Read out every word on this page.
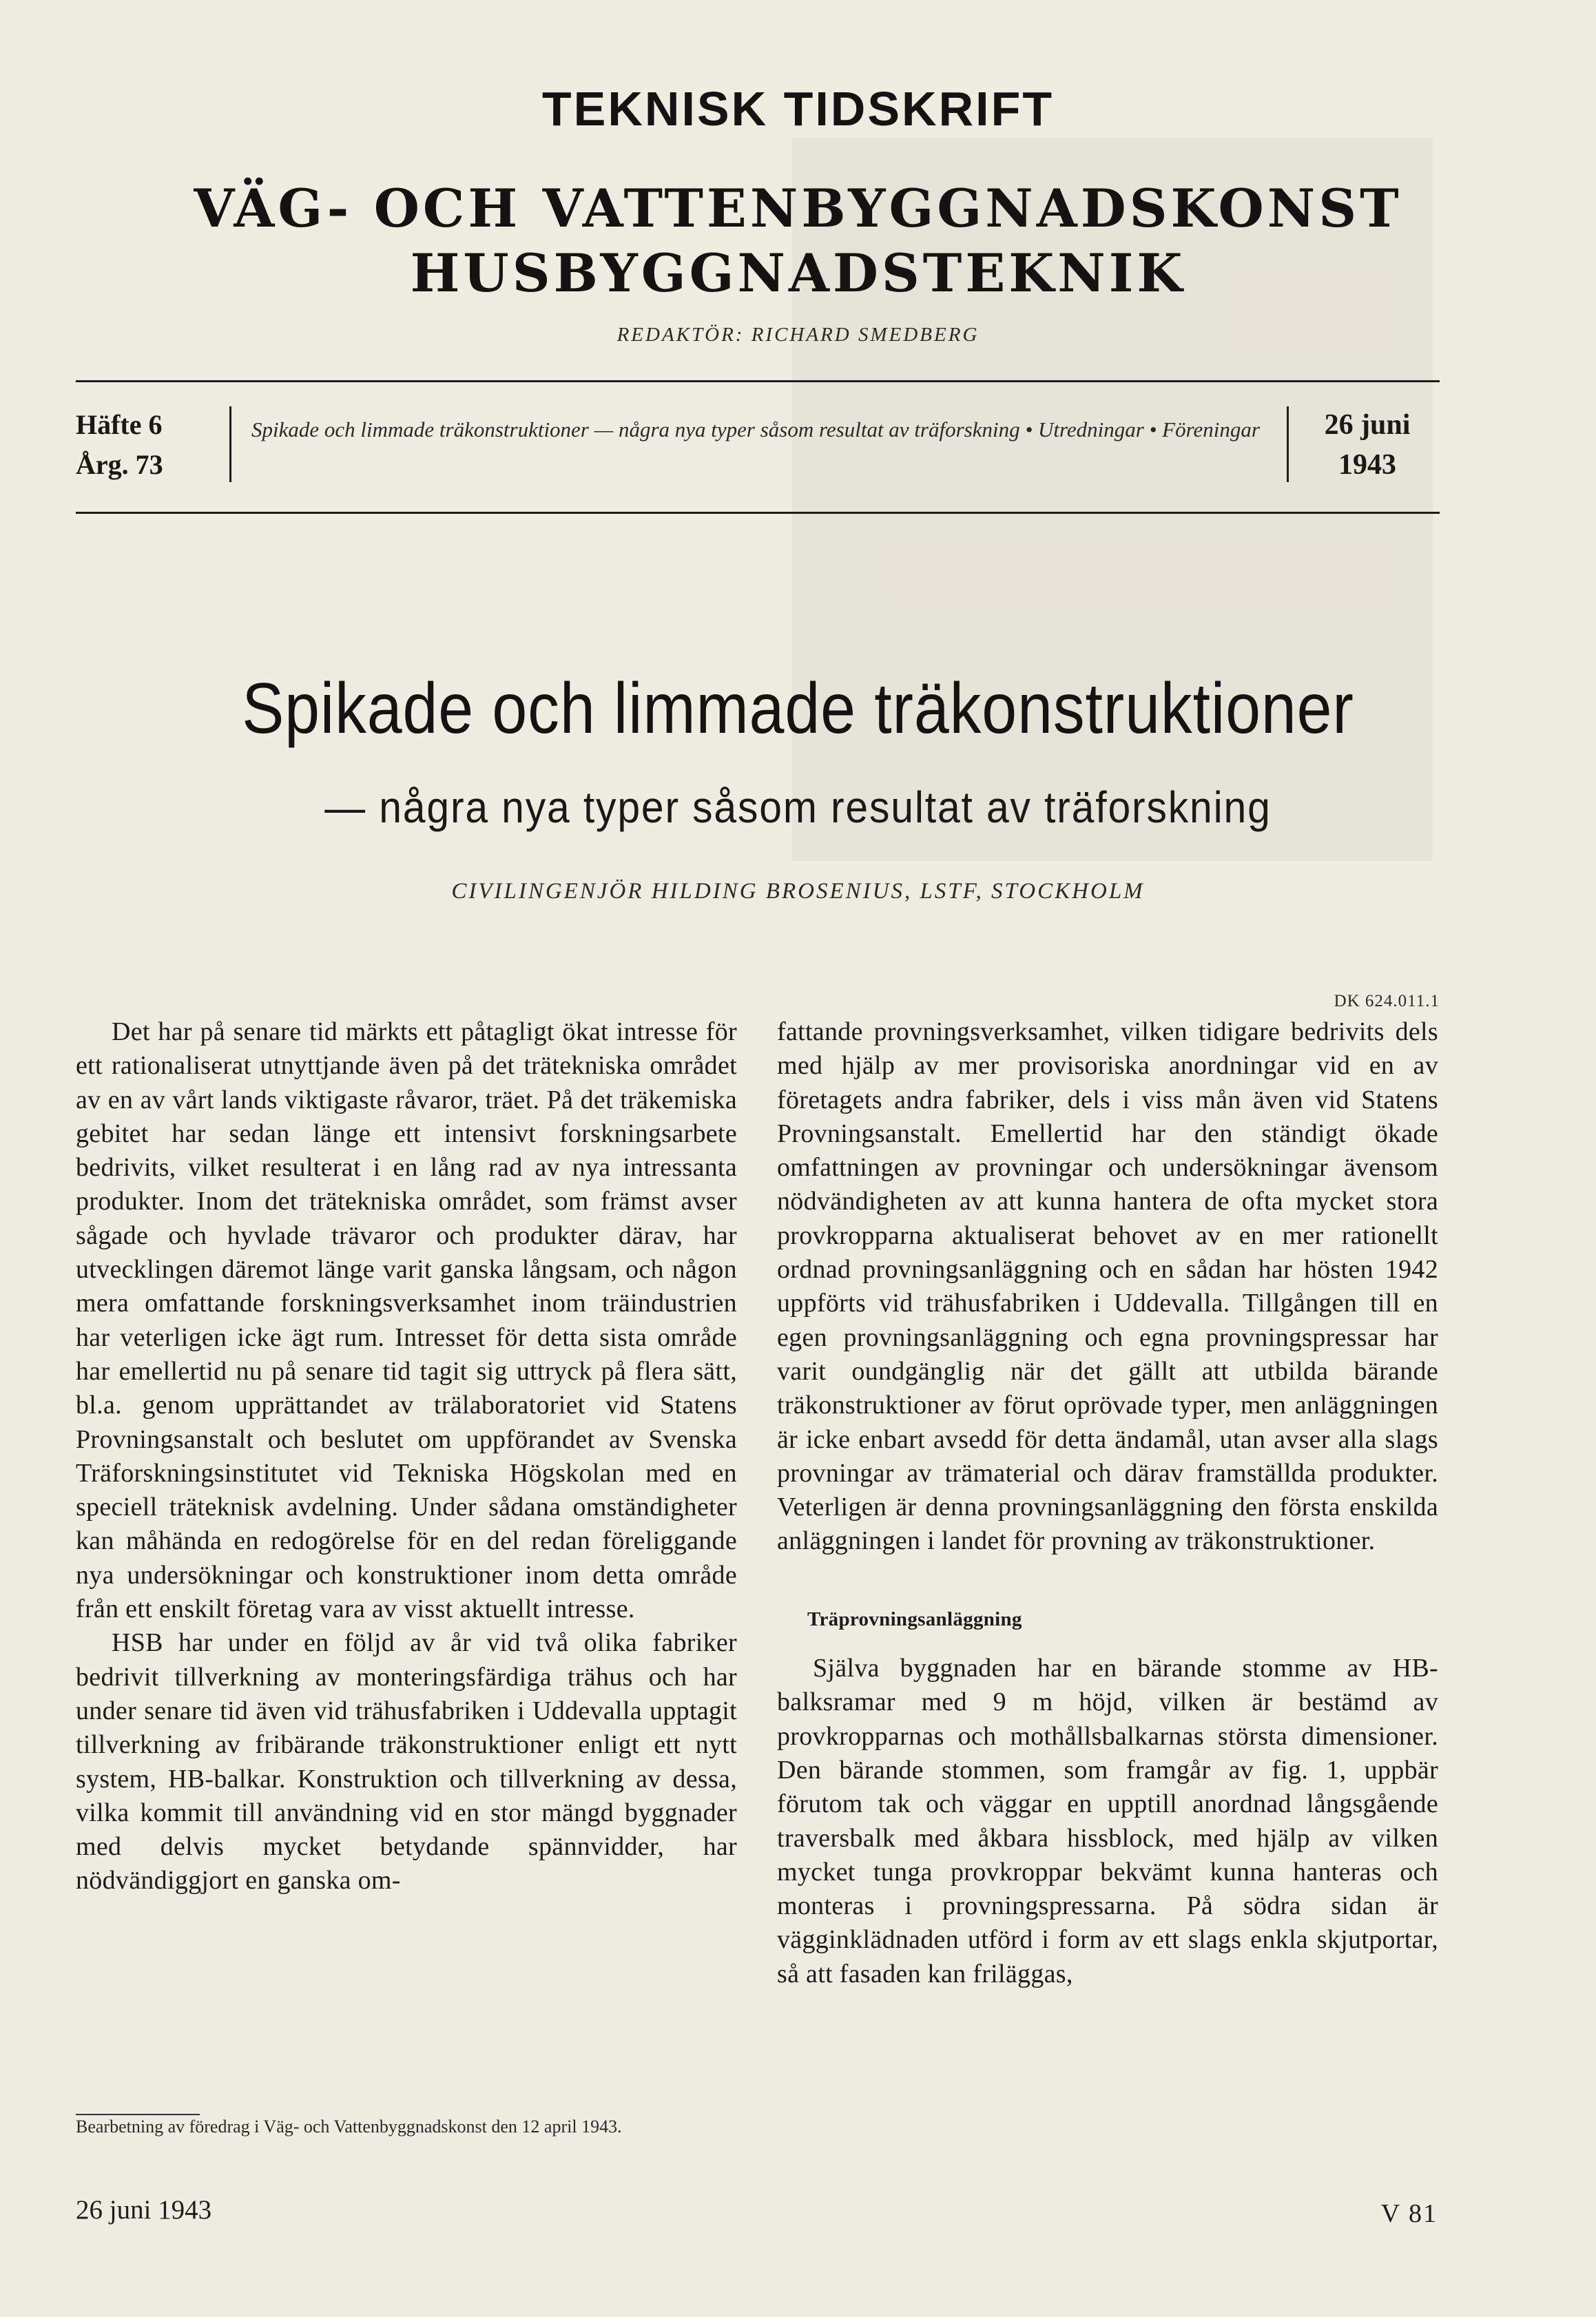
TEKNISK TIDSKRIFT
VÄG- OCH VATTENBYGGNADSKONST
HUSBYGGNADSTEKNIK
REDAKTÖR: RICHARD SMEDBERG
Häfte 6
Årg. 73
Spikade och limmade träkonstruktioner — några nya typer såsom resultat av träforskning • Utredningar • Föreningar	26 juni
1943
Spikade och limmade träkonstruktioner
— några nya typer såsom resultat av träforskning
CIVILINGENJÖR HILDING BROSENIUS, LSTF, STOCKHOLM
DK 624.011.1

Det har på senare tid märkts ett påtagligt ökat intresse för ett rationaliserat utnyttjande även på det trätekniska området av en av vårt lands viktigaste råvaror, träet. På det träkemiska gebitet har sedan länge ett intensivt forskningsarbete bedrivits, vilket resulterat i en lång rad av nya intressanta produkter. Inom det trätekniska området, som främst avser sågade och hyvlade trävaror och produkter därav, har utvecklingen däremot länge varit ganska långsam, och någon mera omfattande forskningsverksamhet inom träindustrien har veterligen icke ägt rum. Intresset för detta sista område har emellertid nu på senare tid tagit sig uttryck på flera sätt, bl.a. genom upprättandet av trälaboratoriet vid Statens Provningsanstalt och beslutet om uppförandet av Svenska Träforskningsinstitutet vid Tekniska Högskolan med en speciell träteknisk avdelning. Under sådana omständigheter kan måhända en redogörelse för en del redan föreliggande nya undersökningar och konstruktioner inom detta område från ett enskilt företag vara av visst aktuellt intresse.

HSB har under en följd av år vid två olika fabriker bedrivit tillverkning av monteringsfärdiga trähus och har under senare tid även vid trähusfabriken i Uddevalla upptagit tillverkning av fribärande träkonstruktioner enligt ett nytt system, HB-balkar. Konstruktion och tillverkning av dessa, vilka kommit till användning vid en stor mängd byggnader med delvis mycket betydande spännvidder, har nödvändiggjort en ganska om-

fattande provningsverksamhet, vilken tidigare bedrivits dels med hjälp av mer provisoriska anordningar vid en av företagets andra fabriker, dels i viss mån även vid Statens Provningsanstalt. Emellertid har den ständigt ökade omfattningen av provningar och undersökningar ävensom nödvändigheten av att kunna hantera de ofta mycket stora provkropparna aktualiserat behovet av en mer rationellt ordnad provningsanläggning och en sådan har hösten 1942 uppförts vid trähusfabriken i Uddevalla. Tillgången till en egen provningsanläggning och egna provningspressar har varit oundgänglig när det gällt att utbilda bärande träkonstruktioner av förut oprövade typer, men anläggningen är icke enbart avsedd för detta ändamål, utan avser alla slags provningar av trämaterial och därav framställda produkter. Veterligen är denna provningsanläggning den första enskilda anläggningen i landet för provning av träkonstruktioner.

Träprovningsanläggning

Själva byggnaden har en bärande stomme av HB-balksramar med 9 m höjd, vilken är bestämd av provkropparnas och mothållsbalkarnas största dimensioner. Den bärande stommen, som framgår av fig. 1, uppbär förutom tak och väggar en upptill anordnad långsgående traversbalk med åkbara hissblock, med hjälp av vilken mycket tunga provkroppar bekvämt kunna hanteras och monteras i provningspressarna. På södra sidan är vägginklädnaden utförd i form av ett slags enkla skjutportar, så att fasaden kan friläggas,

Bearbetning av föredrag i Väg- och Vattenbyggnadskonst den 12 april 1943.
26 juni 1943	V 81
